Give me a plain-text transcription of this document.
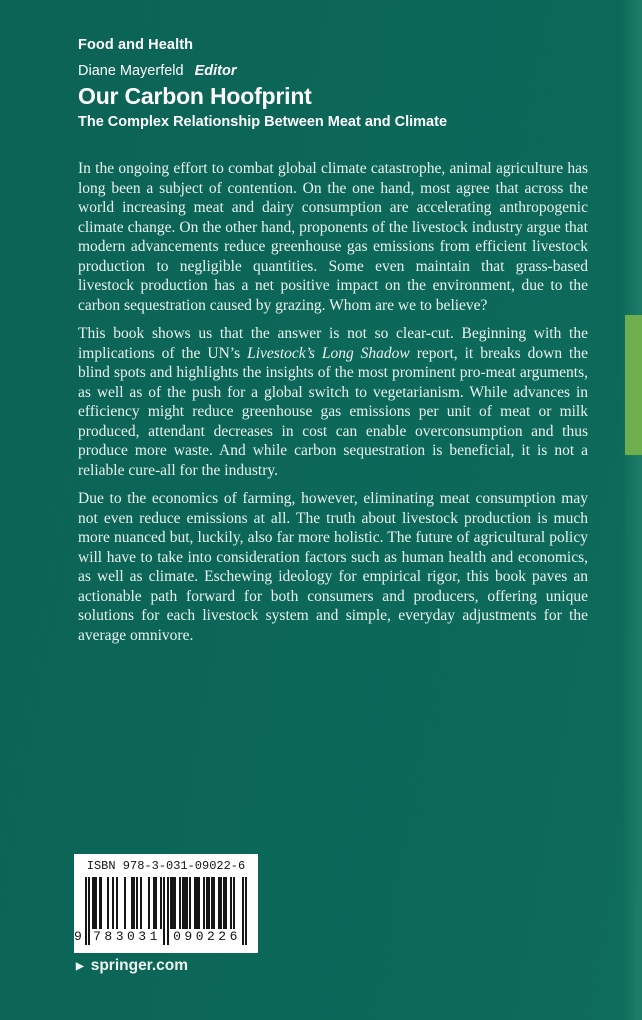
Food and Health
Diane Mayerfeld Editor
Our Carbon Hoofprint
The Complex Relationship Between Meat and Climate

In the ongoing effort to combat global climate catastrophe, animal agriculture has long been a subject of contention. On the one hand, most agree that across the world increasing meat and dairy consumption are accelerating anthropogenic climate change. On the other hand, proponents of the livestock industry argue that modern advancements reduce greenhouse gas emissions from efficient livestock production to negligible quantities. Some even maintain that grass-based livestock production has a net positive impact on the environment, due to the carbon sequestration caused by grazing. Whom are we to believe?

This book shows us that the answer is not so clear-cut. Beginning with the implications of the UN’s Livestock’s Long Shadow report, it breaks down the blind spots and highlights the insights of the most prominent pro-meat arguments, as well as of the push for a global switch to vegetarianism. While advances in efficiency might reduce greenhouse gas emissions per unit of meat or milk produced, attendant decreases in cost can enable overconsumption and thus produce more waste. And while carbon sequestration is beneficial, it is not a reliable cure-all for the industry.

Due to the economics of farming, however, eliminating meat consumption may not even reduce emissions at all. The truth about livestock production is much more nuanced but, luckily, also far more holistic. The future of agricultural policy will have to take into consideration factors such as human health and economics, as well as climate. Eschewing ideology for empirical rigor, this book paves an actionable path forward for both consumers and producers, offering unique solutions for each livestock system and simple, everyday adjustments for the average omnivore.

ISBN 978-3-031-09022-6
9 783031 090226
▶ springer.com
